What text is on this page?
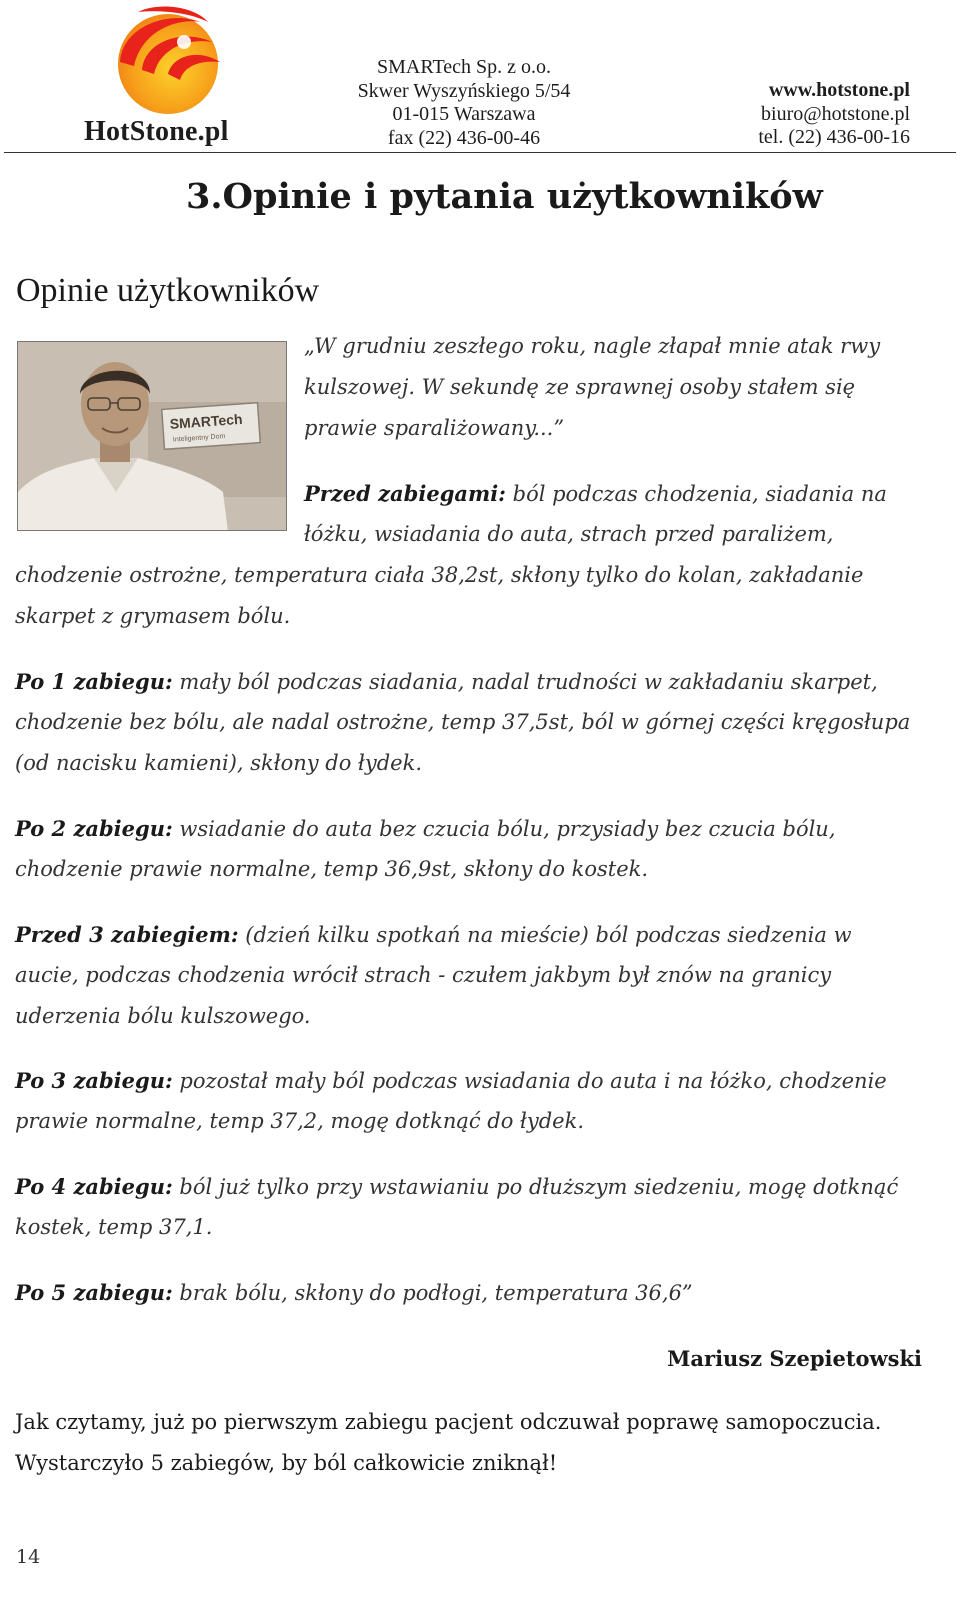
HotStone.pl
SMARTech Sp. z o.o.
Skwer Wyszyńskiego 5/54
01-015 Warszawa
fax (22) 436-00-46
www.hotstone.pl
biuro@hotstone.pl
tel. (22) 436-00-16
3.Opinie i pytania użytkowników
Opinie użytkowników
SMARTech
Inteligentny Dom
„W grudniu zeszłego roku, nagle złapał mnie atak rwy
kulszowej. W sekundę ze sprawnej osoby stałem się
prawie sparaliżowany...”
Przed zabiegami: ból podczas chodzenia, siadania na
łóżku, wsiadania do auta, strach przed paraliżem,
chodzenie ostrożne, temperatura ciała 38,2st, skłony tylko do kolan, zakładanie
skarpet z grymasem bólu.
Po 1 zabiegu: mały ból podczas siadania, nadal trudności w zakładaniu skarpet,
chodzenie bez bólu, ale nadal ostrożne, temp 37,5st, ból w górnej części kręgosłupa
(od nacisku kamieni), skłony do łydek.
Po 2 zabiegu: wsiadanie do auta bez czucia bólu, przysiady bez czucia bólu,
chodzenie prawie normalne, temp 36,9st, skłony do kostek.
Przed 3 zabiegiem: (dzień kilku spotkań na mieście) ból podczas siedzenia w
aucie, podczas chodzenia wrócił strach - czułem jakbym był znów na granicy
uderzenia bólu kulszowego.
Po 3 zabiegu: pozostał mały ból podczas wsiadania do auta i na łóżko, chodzenie
prawie normalne, temp 37,2, mogę dotknąć do łydek.
Po 4 zabiegu: ból już tylko przy wstawianiu po dłuższym siedzeniu, mogę dotknąć
kostek, temp 37,1.
Po 5 zabiegu: brak bólu, skłony do podłogi, temperatura 36,6”
Mariusz Szepietowski
Jak czytamy, już po pierwszym zabiegu pacjent odczuwał poprawę samopoczucia.
Wystarczyło 5 zabiegów, by ból całkowicie zniknął!
14
